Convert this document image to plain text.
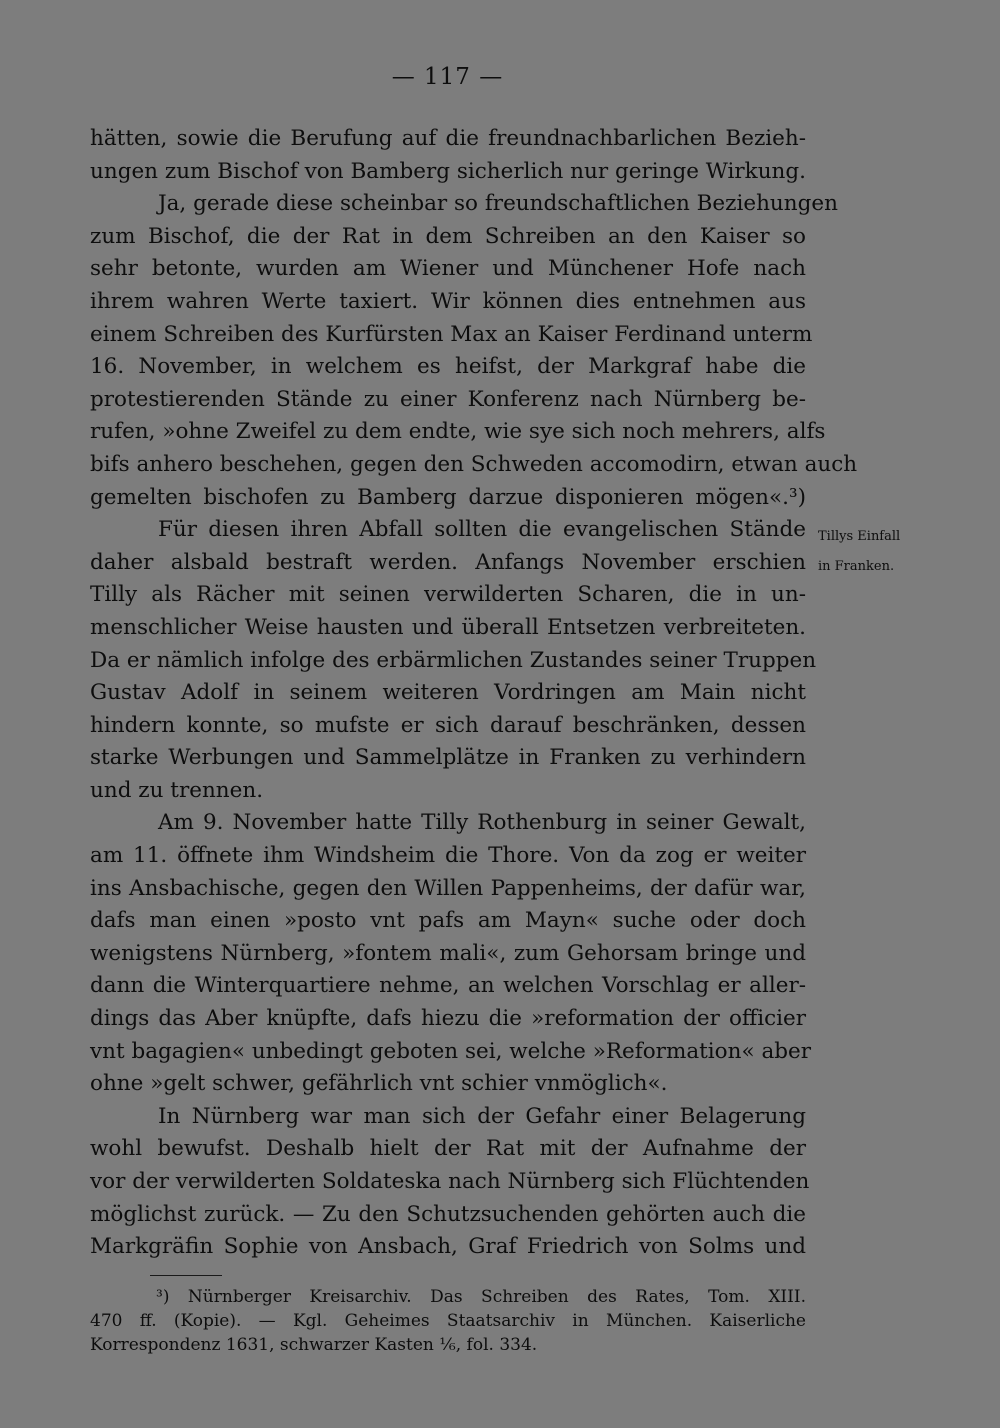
— 117 —
hätten, sowie die Berufung auf die freundnachbarlichen Bezieh-
ungen zum Bischof von Bamberg sicherlich nur geringe Wirkung.
Ja, gerade diese scheinbar so freundschaftlichen Beziehungen
zum Bischof, die der Rat in dem Schreiben an den Kaiser so
sehr betonte, wurden am Wiener und Münchener Hofe nach
ihrem wahren Werte taxiert. Wir können dies entnehmen aus
einem Schreiben des Kurfürsten Max an Kaiser Ferdinand unterm
16. November, in welchem es heifst, der Markgraf habe die
protestierenden Stände zu einer Konferenz nach Nürnberg be-
rufen, »ohne Zweifel zu dem endte, wie sye sich noch mehrers, alfs
bifs anhero beschehen, gegen den Schweden accomodirn, etwan auch
gemelten bischofen zu Bamberg darzue disponieren mögen«.³)
Für diesen ihren Abfall sollten die evangelischen Stände
daher alsbald bestraft werden. Anfangs November erschien
Tilly als Rächer mit seinen verwilderten Scharen, die in un-
menschlicher Weise hausten und überall Entsetzen verbreiteten.
Da er nämlich infolge des erbärmlichen Zustandes seiner Truppen
Gustav Adolf in seinem weiteren Vordringen am Main nicht
hindern konnte, so mufste er sich darauf beschränken, dessen
starke Werbungen und Sammelplätze in Franken zu verhindern
und zu trennen.
Am 9. November hatte Tilly Rothenburg in seiner Gewalt,
am 11. öffnete ihm Windsheim die Thore. Von da zog er weiter
ins Ansbachische, gegen den Willen Pappenheims, der dafür war,
dafs man einen »posto vnt pafs am Mayn« suche oder doch
wenigstens Nürnberg, »fontem mali«, zum Gehorsam bringe und
dann die Winterquartiere nehme, an welchen Vorschlag er aller-
dings das Aber knüpfte, dafs hiezu die »reformation der officier
vnt bagagien« unbedingt geboten sei, welche »Reformation« aber
ohne »gelt schwer, gefährlich vnt schier vnmöglich«.
In Nürnberg war man sich der Gefahr einer Belagerung
wohl bewufst. Deshalb hielt der Rat mit der Aufnahme der
vor der verwilderten Soldateska nach Nürnberg sich Flüchtenden
möglichst zurück. — Zu den Schutzsuchenden gehörten auch die
Markgräfin Sophie von Ansbach, Graf Friedrich von Solms und
Tillys Einfall
in Franken.
³) Nürnberger Kreisarchiv. Das Schreiben des Rates, Tom. XIII.
470 ff. (Kopie). — Kgl. Geheimes Staatsarchiv in München. Kaiserliche
Korrespondenz 1631, schwarzer Kasten ⅙, fol. 334.
